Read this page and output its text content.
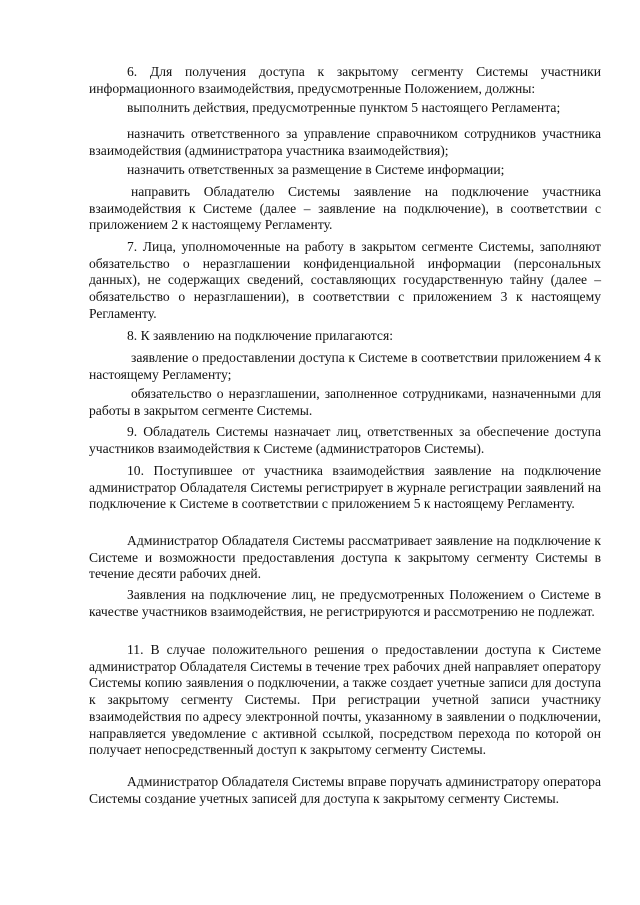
6. Для получения доступа к закрытому сегменту Системы участники информационного взаимодействия, предусмотренные Положением, должны:

выполнить действия, предусмотренные пунктом 5 настоящего Регламента;

назначить ответственного за управление справочником сотрудников участника взаимодействия (администратора участника взаимодействия);

назначить ответственных за размещение в Системе информации;

направить Обладателю Системы заявление на подключение участника взаимодействия к Системе (далее – заявление на подключение), в соответствии с приложением 2 к настоящему Регламенту.

7. Лица, уполномоченные на работу в закрытом сегменте Системы, заполняют обязательство о неразглашении конфиденциальной информации (персональных данных), не содержащих сведений, составляющих государственную тайну (далее – обязательство о неразглашении), в соответствии с приложением 3 к настоящему Регламенту.

8. К заявлению на подключение прилагаются:

заявление о предоставлении доступа к Системе в соответствии приложением 4 к настоящему Регламенту;

обязательство о неразглашении, заполненное сотрудниками, назначенными для работы в закрытом сегменте Системы.

9. Обладатель Системы назначает лиц, ответственных за обеспечение доступа участников взаимодействия к Системе (администраторов Системы).

10. Поступившее от участника взаимодействия заявление на подключение администратор Обладателя Системы регистрирует в журнале регистрации заявлений на подключение к Системе в соответствии с приложением 5 к настоящему Регламенту.

Администратор Обладателя Системы рассматривает заявление на подключение к Системе и возможности предоставления доступа к закрытому сегменту Системы в течение десяти рабочих дней.

Заявления на подключение лиц, не предусмотренных Положением о Системе в качестве участников взаимодействия, не регистрируются и рассмотрению не подлежат.

11. В случае положительного решения о предоставлении доступа к Системе администратор Обладателя Системы в течение трех рабочих дней направляет оператору Системы копию заявления о подключении, а также создает учетные записи для доступа к закрытому сегменту Системы. При регистрации учетной записи участнику взаимодействия по адресу электронной почты, указанному в заявлении о подключении, направляется уведомление с активной ссылкой, посредством перехода по которой он получает непосредственный доступ к закрытому сегменту Системы.

Администратор Обладателя Системы вправе поручать администратору оператора Системы создание учетных записей для доступа к закрытому сегменту Системы.
